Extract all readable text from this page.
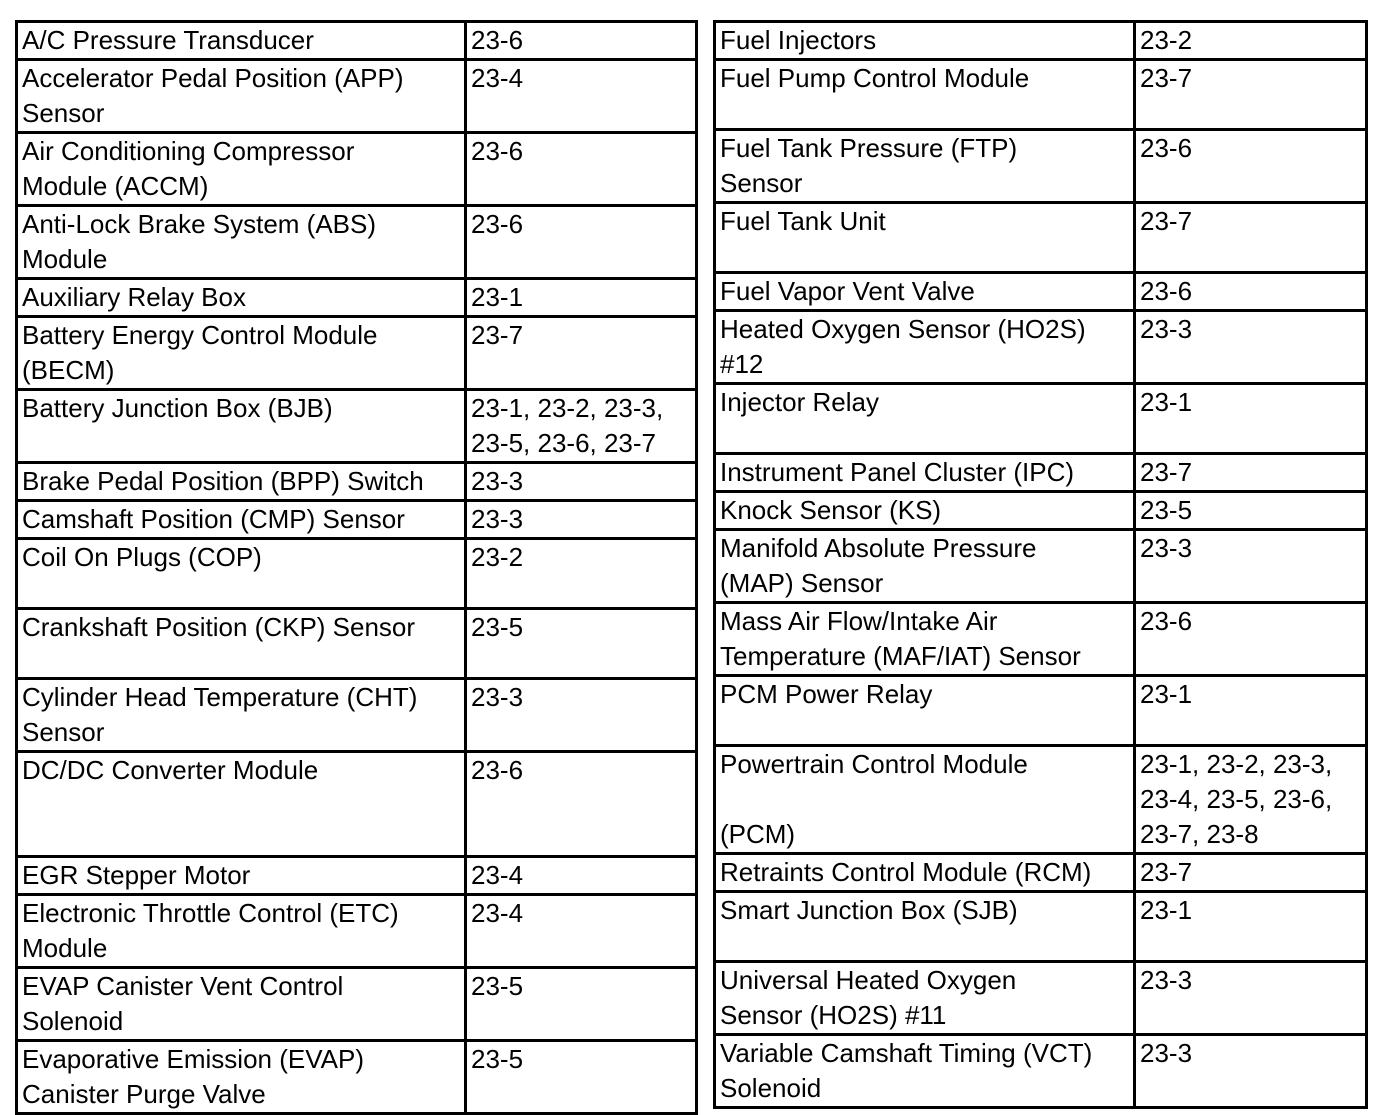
A/C Pressure Transducer	23-6
Accelerator Pedal Position (APP)
Sensor	23-4
Air Conditioning Compressor
Module (ACCM)	23-6
Anti-Lock Brake System (ABS)
Module	23-6
Auxiliary Relay Box	23-1
Battery Energy Control Module
(BECM)	23-7
Battery Junction Box (BJB)	23-1, 23-2, 23-3,
23-5, 23-6, 23-7
Brake Pedal Position (BPP) Switch	23-3
Camshaft Position (CMP) Sensor	23-3
Coil On Plugs (COP)	23-2
Crankshaft Position (CKP) Sensor	23-5
Cylinder Head Temperature (CHT)
Sensor	23-3
DC/DC Converter Module	23-6
EGR Stepper Motor	23-4
Electronic Throttle Control (ETC)
Module	23-4
EVAP Canister Vent Control
Solenoid	23-5
Evaporative Emission (EVAP)
Canister Purge Valve	23-5
Fuel Injectors	23-2
Fuel Pump Control Module	23-7
Fuel Tank Pressure (FTP)
Sensor	23-6
Fuel Tank Unit	23-7
Fuel Vapor Vent Valve	23-6
Heated Oxygen Sensor (HO2S)
#12	23-3
Injector Relay	23-1
Instrument Panel Cluster (IPC)	23-7
Knock Sensor (KS)	23-5
Manifold Absolute Pressure
(MAP) Sensor	23-3
Mass Air Flow/Intake Air
Temperature (MAF/IAT) Sensor	23-6
PCM Power Relay	23-1
Powertrain Control Module

(PCM)	23-1, 23-2, 23-3,
23-4, 23-5, 23-6,
23-7, 23-8
Retraints Control Module (RCM)	23-7
Smart Junction Box (SJB)	23-1
Universal Heated Oxygen
Sensor (HO2S) #11	23-3
Variable Camshaft Timing (VCT)
Solenoid	23-3
